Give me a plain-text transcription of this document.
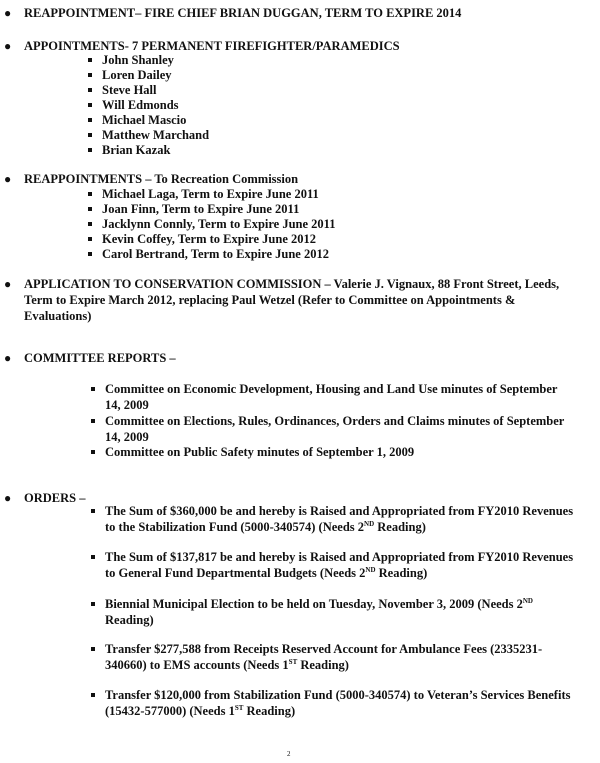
● REAPPOINTMENT– FIRE CHIEF BRIAN DUGGAN, TERM TO EXPIRE 2014
● APPOINTMENTS- 7 PERMANENT FIREFIGHTER/PARAMEDICS
John Shanley
Loren Dailey
Steve Hall
Will Edmonds
Michael Mascio
Matthew Marchand
Brian Kazak
● REAPPOINTMENTS – To Recreation Commission
Michael Laga, Term to Expire June 2011
Joan Finn, Term to Expire June 2011
Jacklynn Connly, Term to Expire June 2011
Kevin Coffey, Term to Expire June 2012
Carol Bertrand, Term to Expire June 2012
● APPLICATION TO CONSERVATION COMMISSION – Valerie J. Vignaux, 88 Front Street, Leeds, Term to Expire March 2012, replacing Paul Wetzel (Refer to Committee on Appointments & Evaluations)
● COMMITTEE REPORTS –
Committee on Economic Development, Housing and Land Use minutes of September 14, 2009
Committee on Elections, Rules, Ordinances, Orders and Claims minutes of September 14, 2009
Committee on Public Safety minutes of September 1, 2009
● ORDERS –
The Sum of $360,000 be and hereby is Raised and Appropriated from FY2010 Revenues to the Stabilization Fund (5000-340574) (Needs 2ND Reading)
The Sum of $137,817 be and hereby is Raised and Appropriated from FY2010 Revenues to General Fund Departmental Budgets (Needs 2ND Reading)
Biennial Municipal Election to be held on Tuesday, November 3, 2009 (Needs 2ND Reading)
Transfer $277,588 from Receipts Reserved Account for Ambulance Fees (2335231-340660) to EMS accounts (Needs 1ST Reading)
Transfer $120,000 from Stabilization Fund (5000-340574) to Veteran’s Services Benefits (15432-577000) (Needs 1ST Reading)
2
